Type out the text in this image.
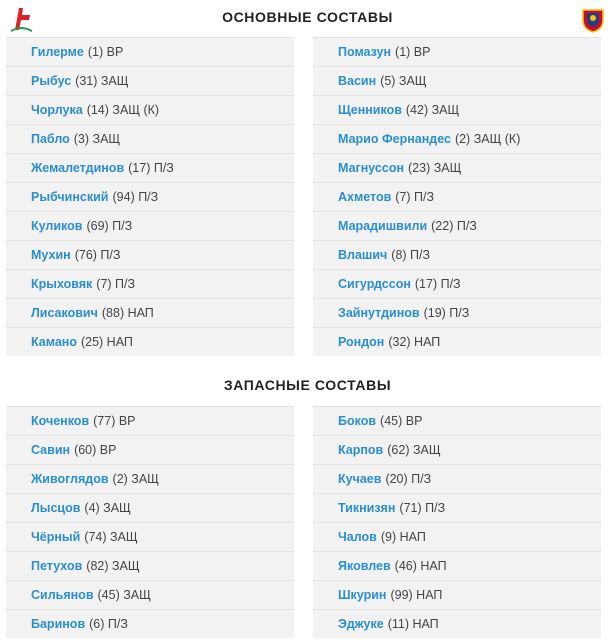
ОСНОВНЫЕ СОСТАВЫ
Гилерме (1) ВР
Рыбус (31) ЗАЩ
Чорлука (14) ЗАЩ (К)
Пабло (3) ЗАЩ
Жемалетдинов (17) П/З
Рыбчинский (94) П/З
Куликов (69) П/З
Мухин (76) П/З
Крыховяк (7) П/З
Лисакович (88) НАП
Камано (25) НАП
Помазун (1) ВР
Васин (5) ЗАЩ
Щенников (42) ЗАЩ
Марио Фернандес (2) ЗАЩ (К)
Магнуссон (23) ЗАЩ
Ахметов (7) П/З
Марадишвили (22) П/З
Влашич (8) П/З
Сигурдссон (17) П/З
Зайнутдинов (19) П/З
Рондон (32) НАП
ЗАПАСНЫЕ СОСТАВЫ
Коченков (77) ВР
Савин (60) ВР
Живоглядов (2) ЗАЩ
Лысцов (4) ЗАЩ
Чёрный (74) ЗАЩ
Петухов (82) ЗАЩ
Сильянов (45) ЗАЩ
Баринов (6) П/З
Боков (45) ВР
Карпов (62) ЗАЩ
Кучаев (20) П/З
Тикнизян (71) П/З
Чалов (9) НАП
Яковлев (46) НАП
Шкурин (99) НАП
Эджуке (11) НАП
